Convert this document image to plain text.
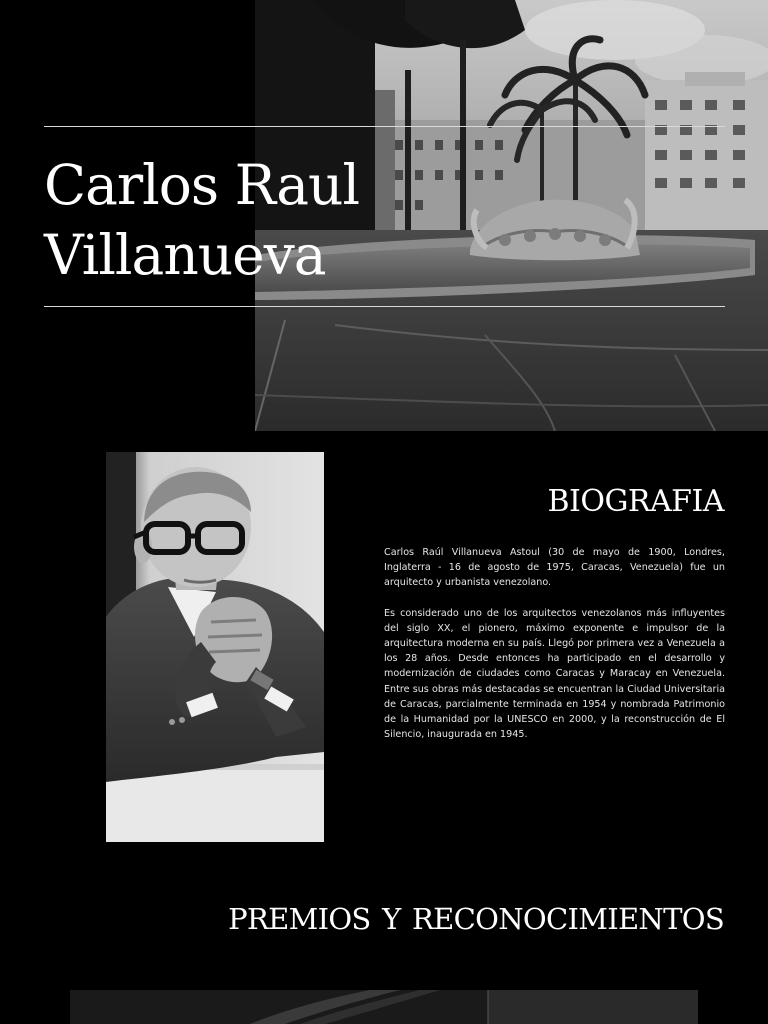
Carlos Raul
Villanueva
BIOGRAFIA

Carlos Raúl Villanueva Astoul (30 de mayo de 1900, Londres, Inglaterra - 16 de agosto de 1975, Caracas, Venezuela) fue un arquitecto y urbanista venezolano.

Es considerado uno de los arquitectos venezolanos más influyentes del siglo XX, el pionero, máximo exponente e impulsor de la arquitectura moderna en su país. Llegó por primera vez a Venezuela a los 28 años. Desde entonces ha participado en el desarrollo y modernización de ciudades como Caracas y Maracay en Venezuela. Entre sus obras más destacadas se encuentran la Ciudad Universitaria de Caracas, parcialmente terminada en 1954 y nombrada Patrimonio de la Humanidad por la UNESCO en 2000, y la reconstrucción de El Silencio, inaugurada en 1945.

PREMIOS Y RECONOCIMIENTOS
